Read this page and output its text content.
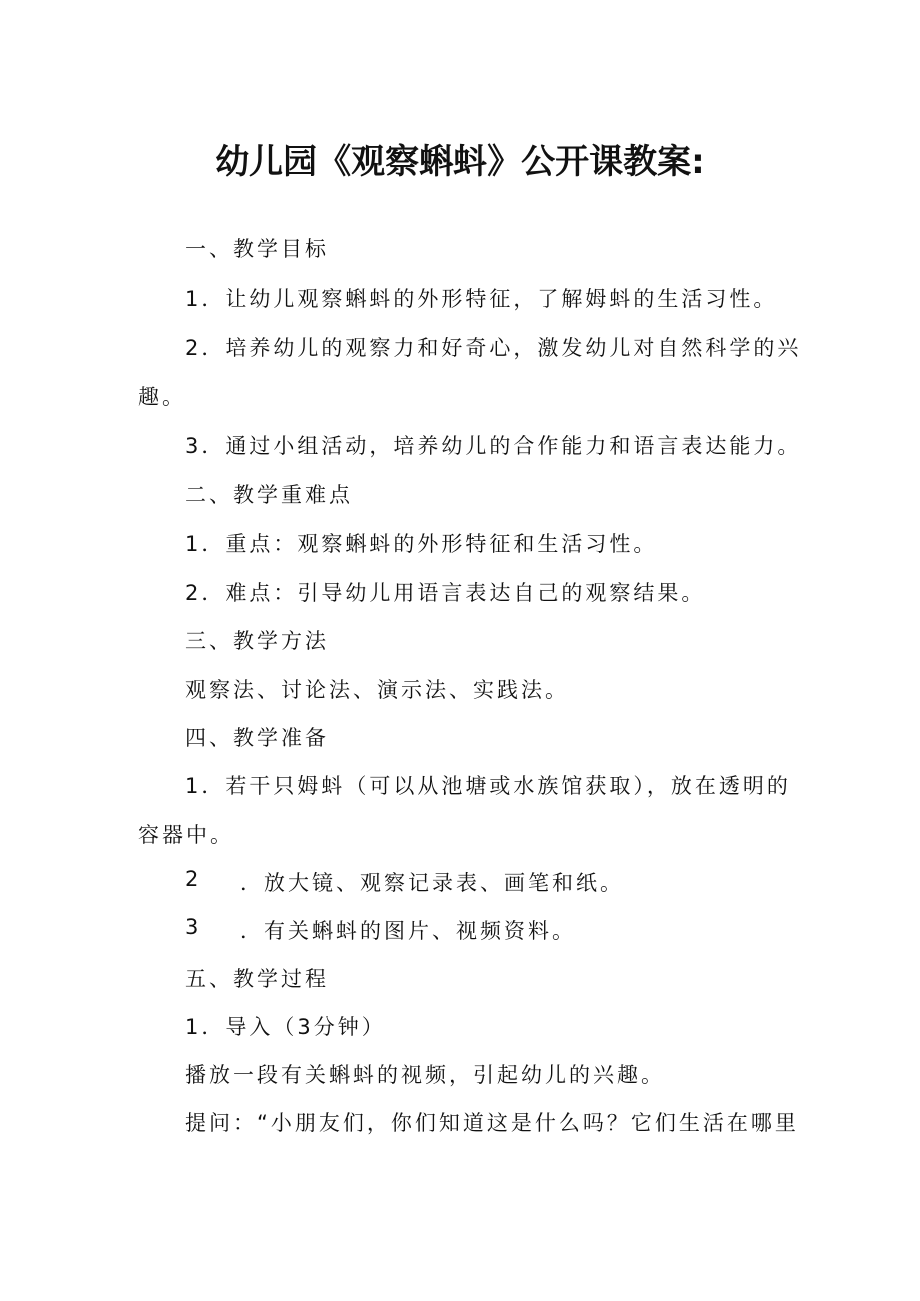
幼儿园《观察蝌蚪》公开课教案:
一、教学目标
1．让幼儿观察蝌蚪的外形特征，了解姆蚪的生活习性。
2．培养幼儿的观察力和好奇心，激发幼儿对自然科学的兴
趣。
3．通过小组活动，培养幼儿的合作能力和语言表达能力。
二、教学重难点
1．重点：观察蝌蚪的外形特征和生活习性。
2．难点：引导幼儿用语言表达自己的观察结果。
三、教学方法
观察法、讨论法、演示法、实践法。
四、教学准备
1．若干只姆蚪（可以从池塘或水族馆获取），放在透明的
容器中。
2 ．放大镜、观察记录表、画笔和纸。
3 ．有关蝌蚪的图片、视频资料。
五、教学过程
1．导入（3分钟）
播放一段有关蝌蚪的视频，引起幼儿的兴趣。
提问：“小朋友们，你们知道这是什么吗？它们生活在哪里
